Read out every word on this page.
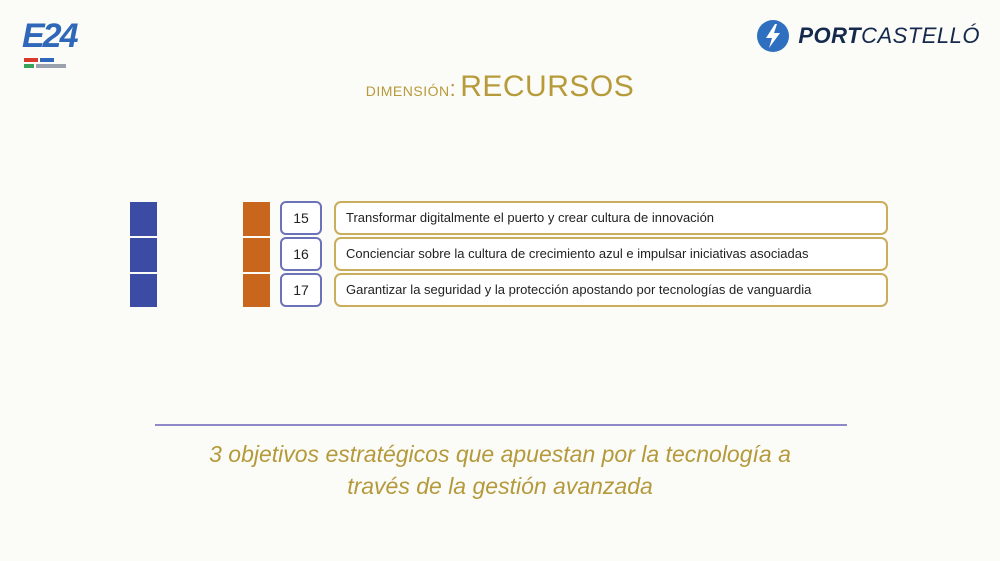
E24	PORTCASTELLÓ
DIMENSIÓN: RECURSOS
15	Transformar digitalmente el puerto y crear cultura de innovación
16	Concienciar sobre la cultura de crecimiento azul e impulsar iniciativas asociadas
17	Garantizar la seguridad y la protección apostando por tecnologías de vanguardia
3 objetivos estratégicos que apuestan por la tecnología a
través de la gestión avanzada
